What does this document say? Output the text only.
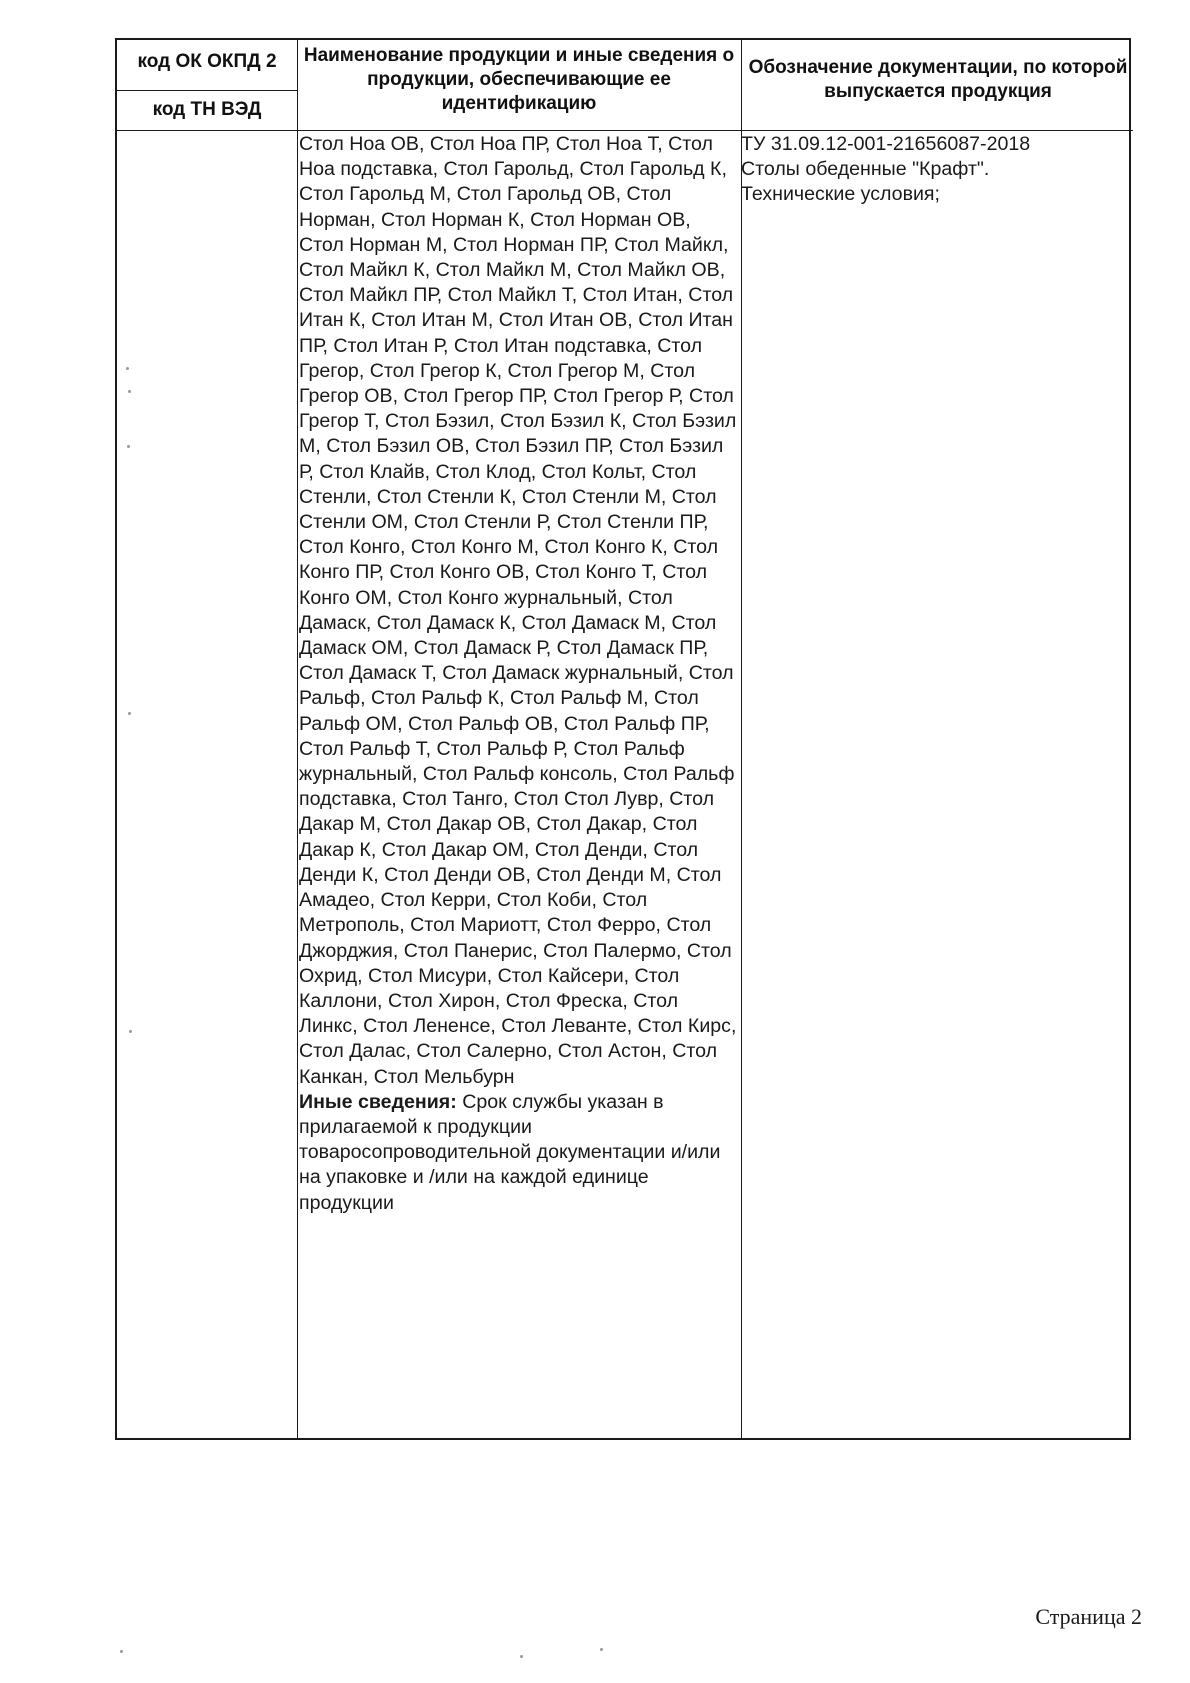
код ОК ОКПД 2
код ТН ВЭД
Наименование продукции и иные сведения о продукции, обеспечивающие ее идентификацию
Обозначение документации, по которой выпускается продукция

Стол Ноа ОВ, Стол Ноа ПР, Стол Ноа Т, Стол Ноа подставка, Стол Гарольд, Стол Гарольд К, Стол Гарольд М, Стол Гарольд ОВ, Стол Норман, Стол Норман К, Стол Норман ОВ, Стол Норман М, Стол Норман ПР, Стол Майкл, Стол Майкл К, Стол Майкл М, Стол Майкл ОВ, Стол Майкл ПР, Стол Майкл Т, Стол Итан, Стол Итан К, Стол Итан М, Стол Итан ОВ, Стол Итан ПР, Стол Итан Р, Стол Итан подставка, Стол Грегор, Стол Грегор К, Стол Грегор М, Стол Грегор ОВ, Стол Грегор ПР, Стол Грегор Р, Стол Грегор Т, Стол Бэзил, Стол Бэзил К, Стол Бэзил М, Стол Бэзил ОВ, Стол Бэзил ПР, Стол Бэзил Р, Стол Клайв, Стол Клод, Стол Кольт, Стол Стенли, Стол Стенли К, Стол Стенли М, Стол Стенли ОМ, Стол Стенли Р, Стол Стенли ПР, Стол Конго, Стол Конго М, Стол Конго К, Стол Конго ПР, Стол Конго ОВ, Стол Конго Т, Стол Конго ОМ, Стол Конго журнальный, Стол Дамаск, Стол Дамаск К, Стол Дамаск М, Стол Дамаск ОМ, Стол Дамаск Р, Стол Дамаск ПР, Стол Дамаск Т, Стол Дамаск журнальный, Стол Ральф, Стол Ральф К, Стол Ральф М, Стол Ральф ОМ, Стол Ральф ОВ, Стол Ральф ПР, Стол Ральф Т, Стол Ральф Р, Стол Ральф журнальный, Стол Ральф консоль, Стол Ральф подставка, Стол Танго, Стол Стол Лувр, Стол Дакар М, Стол Дакар ОВ, Стол Дакар, Стол Дакар К, Стол Дакар ОМ, Стол Денди, Стол Денди К, Стол Денди ОВ, Стол Денди М, Стол Амадео, Стол Керри, Стол Коби, Стол Метрополь, Стол Мариотт, Стол Ферро, Стол Джорджия, Стол Панерис, Стол Палермо, Стол Охрид, Стол Мисури, Стол Кайсери, Стол Каллони, Стол Хирон, Стол Фреска, Стол Линкс, Стол Лененсе, Стол Леванте, Стол Кирс, Стол Далас, Стол Салерно, Стол Астон, Стол Канкан, Стол Мельбурн

Иные сведения: Срок службы указан в прилагаемой к продукции товаросопроводительной документации и/или на упаковке и /или на каждой единице продукции

ТУ 31.09.12-001-21656087-2018
Столы обеденные "Крафт".
Технические условия;
Страница 2
